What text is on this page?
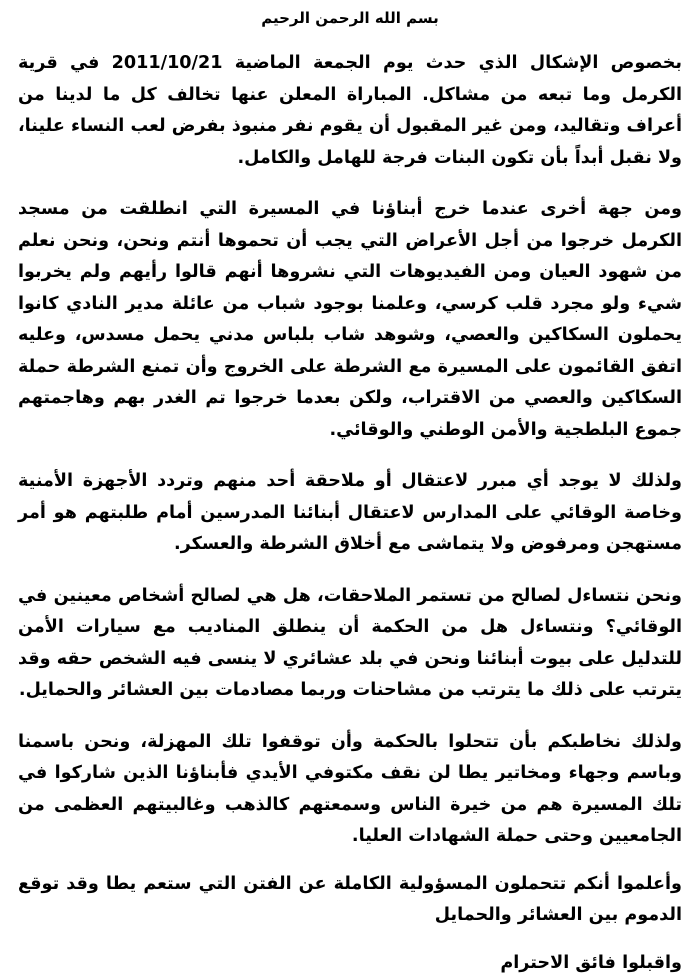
بسم الله الرحمن الرحيم

بخصوص الإشكال الذي حدث يوم الجمعة الماضية 2011/10/21 في قرية الكرمل وما تبعه من مشاكل. المباراة المعلن عنها تخالف كل ما لدينا من أعراف وتقاليد، ومن غير المقبول أن يقوم نفر منبوذ بفرض لعب النساء علينا، ولا نقبل أبداً بأن تكون البنات فرجة للهامل والكامل.

ومن جهة أخرى عندما خرج أبناؤنا في المسيرة التي انطلقت من مسجد الكرمل خرجوا من أجل الأعراض التي يجب أن تحموها أنتم ونحن، ونحن نعلم من شهود العيان ومن الفيديوهات التي نشروها أنهم قالوا رأيهم ولم يخربوا شيء ولو مجرد قلب كرسي، وعلمنا بوجود شباب من عائلة مدير النادي كانوا يحملون السكاكين والعصي، وشوهد شاب بلباس مدني يحمل مسدس، وعليه اتفق القائمون على المسيرة مع الشرطة على الخروج وأن تمنع الشرطة حملة السكاكين والعصي من الاقتراب، ولكن بعدما خرجوا تم الغدر بهم وهاجمتهم جموع البلطجية والأمن الوطني والوقائي.

ولذلك لا يوجد أي مبرر لاعتقال أو ملاحقة أحد منهم وتردد الأجهزة الأمنية وخاصة الوقائي على المدارس لاعتقال أبنائنا المدرسين أمام طلبتهم هو أمر مستهجن ومرفوض ولا يتماشى مع أخلاق الشرطة والعسكر.

ونحن نتساءل لصالح من تستمر الملاحقات، هل هي لصالح أشخاص معينين في الوقائي؟ ونتساءل هل من الحكمة أن ينطلق المناديب مع سيارات الأمن للتدليل على بيوت أبنائنا ونحن في بلد عشائري لا ينسى فيه الشخص حقه وقد يترتب على ذلك ما يترتب من مشاحنات وربما مصادمات بين العشائر والحمايل.

ولذلك نخاطبكم بأن تتحلوا بالحكمة وأن توقفوا تلك المهزلة، ونحن باسمنا وباسم وجهاء ومخاتير يطا لن نقف مكتوفي الأيدي فأبناؤنا الذين شاركوا في تلك المسيرة هم من خيرة الناس وسمعتهم كالذهب وغالبيتهم العظمى من الجامعيين وحتى حملة الشهادات العليا.

وأعلموا أنكم تتحملون المسؤولية الكاملة عن الفتن التي ستعم يطا وقد توقع الدموم بين العشائر والحمايل

واقبلوا فائق الاحترام
